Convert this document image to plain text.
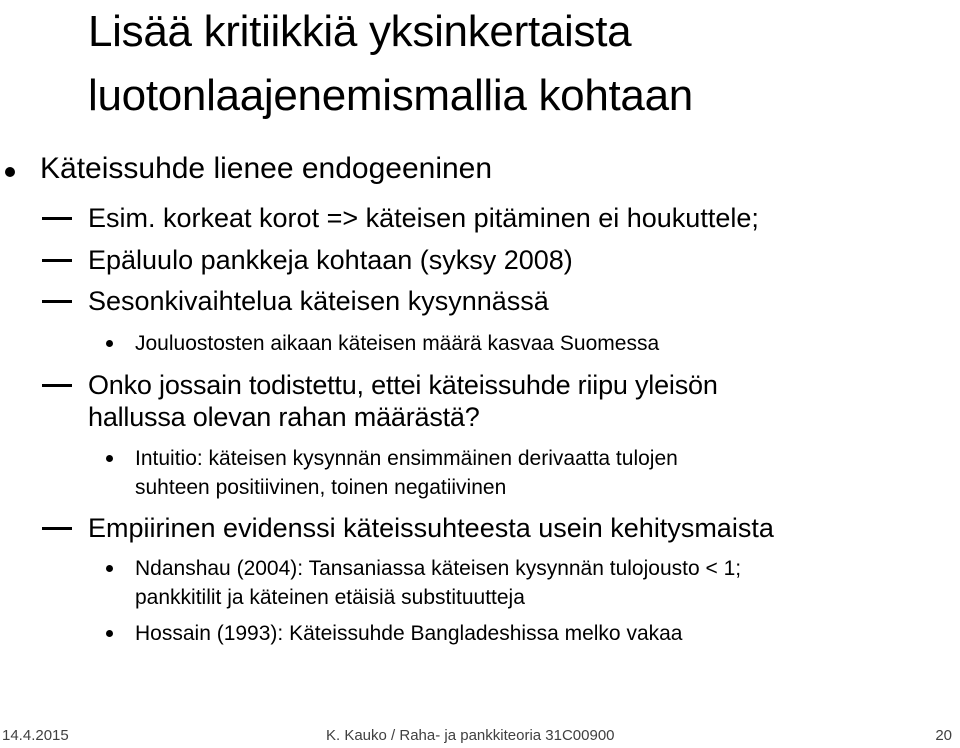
Lisää kritiikkiä yksinkertaista
luotonlaajenemismallia kohtaan
Käteissuhde lienee endogeeninen
Esim. korkeat korot => käteisen pitäminen ei houkuttele;
Epäluulo pankkeja kohtaan (syksy 2008)
Sesonkivaihtelua käteisen kysynnässä
Jouluostosten aikaan käteisen määrä kasvaa Suomessa
Onko jossain todistettu, ettei käteissuhde riipu yleisön
hallussa olevan rahan määrästä?
Intuitio: käteisen kysynnän ensimmäinen derivaatta tulojen
suhteen positiivinen, toinen negatiivinen
Empiirinen evidenssi käteissuhteesta usein kehitysmaista
Ndanshau (2004): Tansaniassa käteisen kysynnän tulojousto < 1;
pankkitilit ja käteinen etäisiä substituutteja
Hossain (1993): Käteissuhde Bangladeshissa melko vakaa
14.4.2015	K. Kauko / Raha- ja pankkiteoria 31C00900	20
